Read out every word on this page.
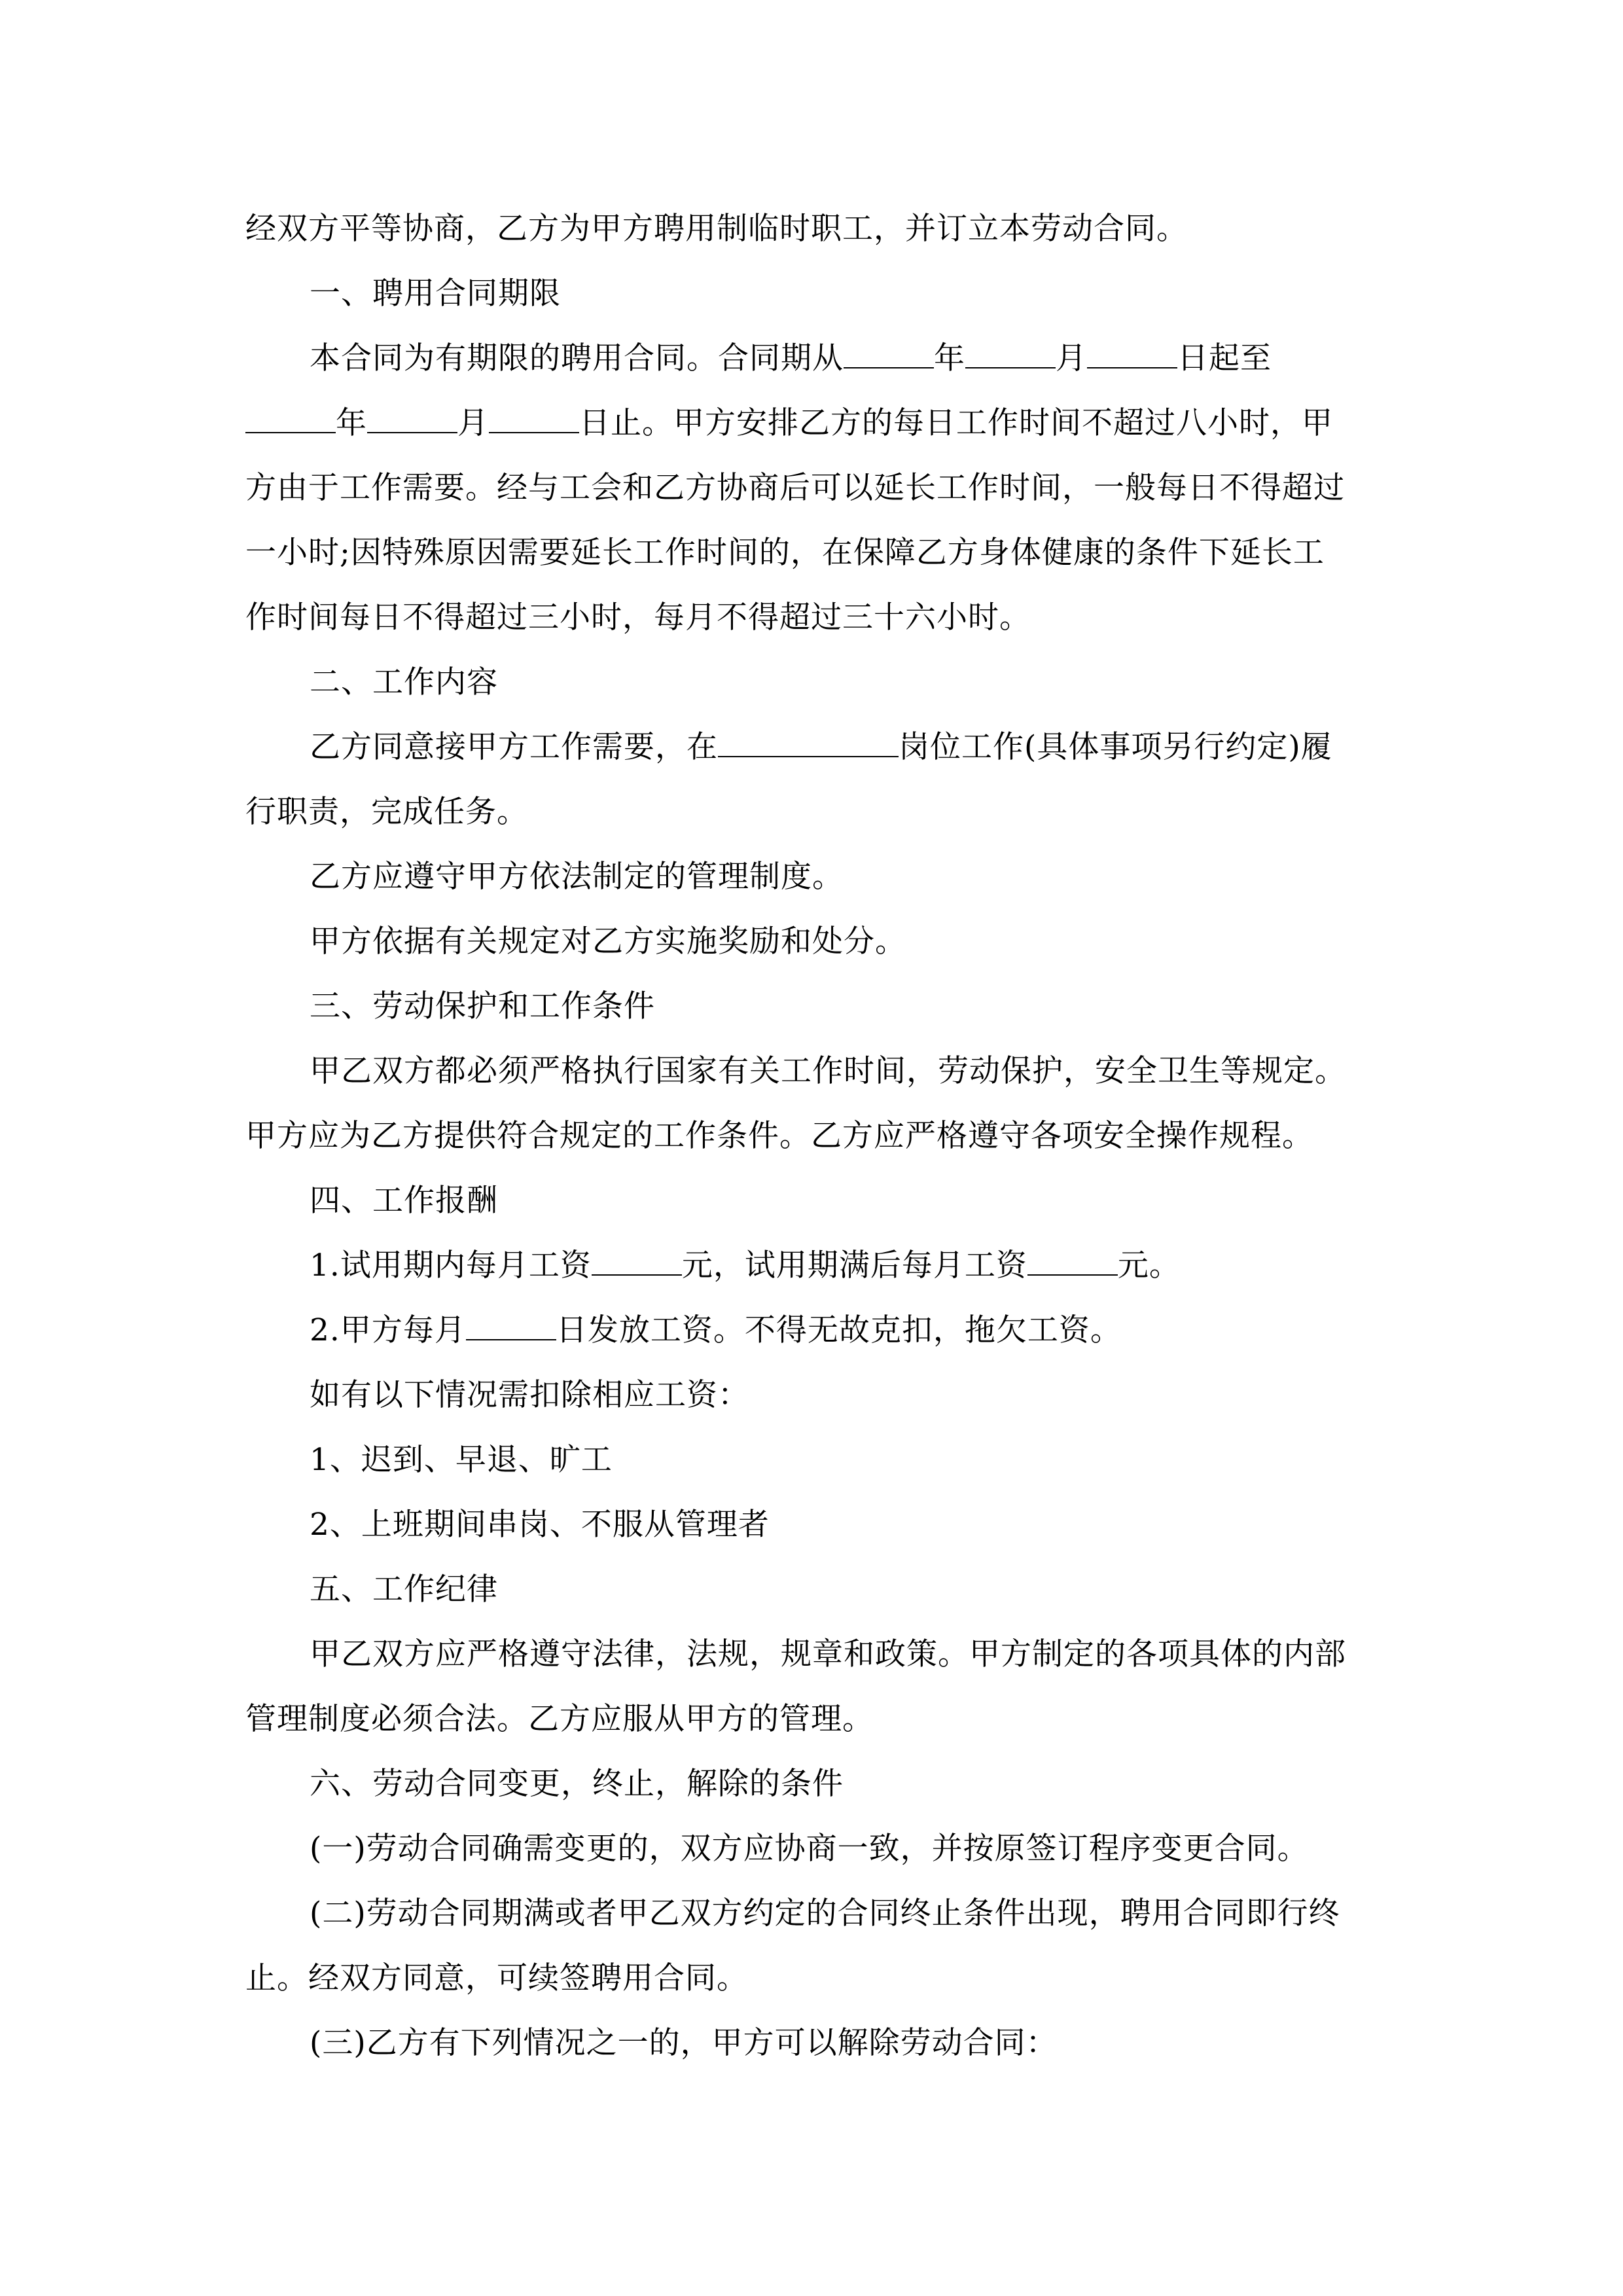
经双方平等协商，乙方为甲方聘用制临时职工，并订立本劳动合同。
一、聘用合同期限
本合同为有期限的聘用合同。合同期从	年	月	日起至
年	月	日止。甲方安排乙方的每日工作时间不超过八小时，甲
方由于工作需要。经与工会和乙方协商后可以延长工作时间，一般每日不得超过
一小时;因特殊原因需要延长工作时间的，在保障乙方身体健康的条件下延长工
作时间每日不得超过三小时，每月不得超过三十六小时。
二、工作内容
乙方同意接甲方工作需要，在	岗位工作(具体事项另行约定)履
行职责，完成任务。
乙方应遵守甲方依法制定的管理制度。
甲方依据有关规定对乙方实施奖励和处分。
三、劳动保护和工作条件
甲乙双方都必须严格执行国家有关工作时间，劳动保护，安全卫生等规定。
甲方应为乙方提供符合规定的工作条件。乙方应严格遵守各项安全操作规程。
四、工作报酬
1.试用期内每月工资	元，试用期满后每月工资	元。
2.甲方每月	日发放工资。不得无故克扣，拖欠工资。
如有以下情况需扣除相应工资：
1、迟到、早退、旷工
2、上班期间串岗、不服从管理者
五、工作纪律
甲乙双方应严格遵守法律，法规，规章和政策。甲方制定的各项具体的内部
管理制度必须合法。乙方应服从甲方的管理。
六、劳动合同变更，终止，解除的条件
(一)劳动合同确需变更的，双方应协商一致，并按原签订程序变更合同。
(二)劳动合同期满或者甲乙双方约定的合同终止条件出现，聘用合同即行终
止。经双方同意，可续签聘用合同。
(三)乙方有下列情况之一的，甲方可以解除劳动合同：
